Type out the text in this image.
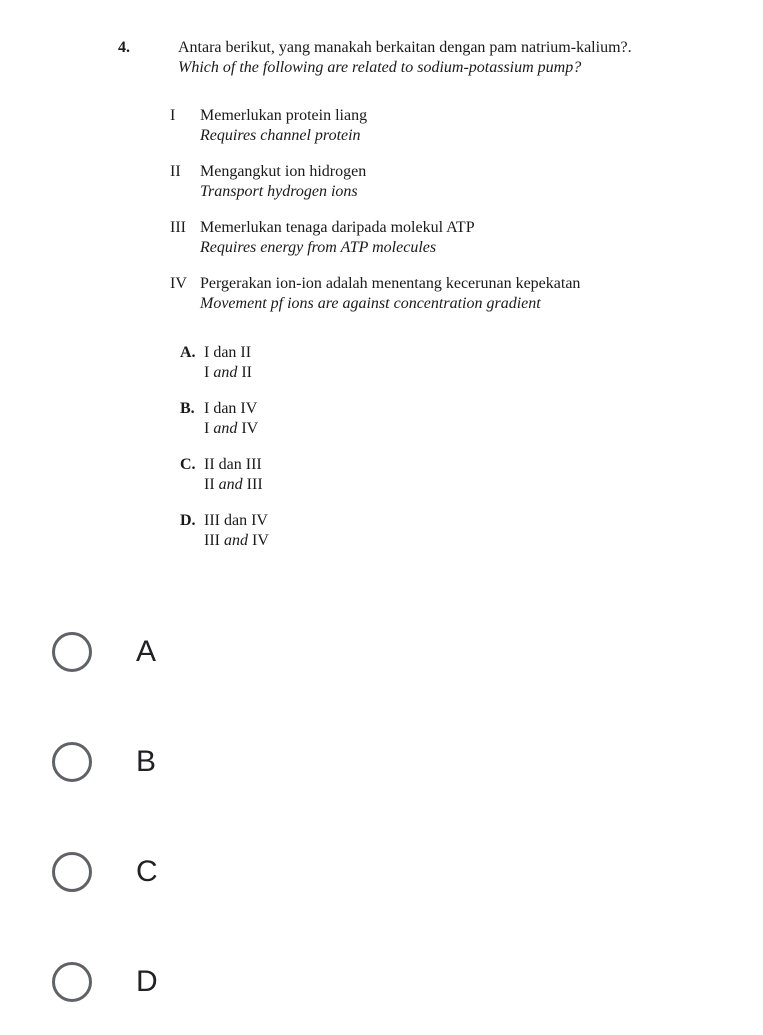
4.	Antara berikut, yang manakah berkaitan dengan pam natrium-kalium?.
Which of the following are related to sodium-potassium pump?
I Memerlukan protein liang
Requires channel protein
II Mengangkut ion hidrogen
Transport hydrogen ions
III Memerlukan tenaga daripada molekul ATP
Requires energy from ATP molecules
IV Pergerakan ion-ion adalah menentang kecerunan kepekatan
Movement pf ions are against concentration gradient
A. I dan II
I and II
B. I dan IV
I and IV
C. II dan III
II and III
D. III dan IV
III and IV
A
B
C
D
